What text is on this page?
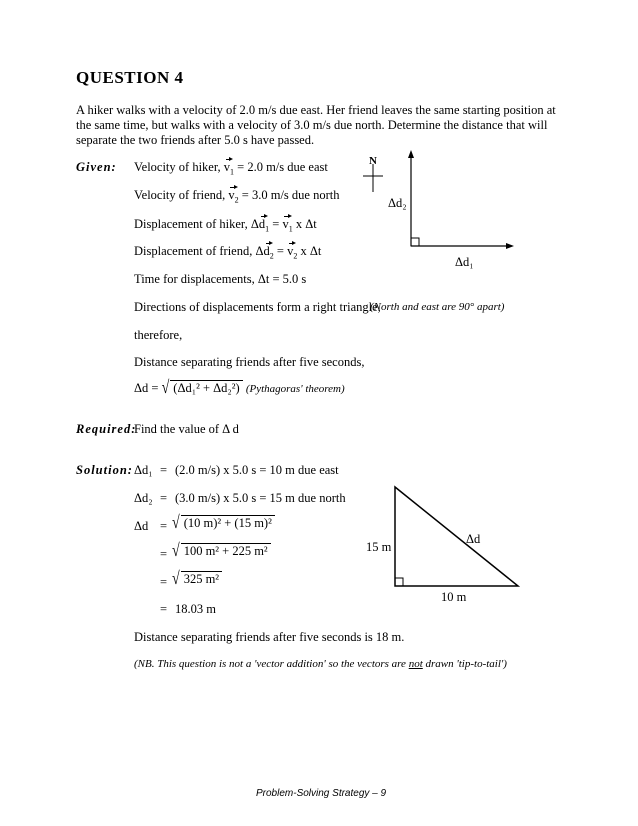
QUESTION 4

A hiker walks with a velocity of 2.0 m/s due east. Her friend leaves the same starting position at the same time, but walks with a velocity of 3.0 m/s due north. Determine the distance that will separate the two friends after 5.0 s have passed.

Given: Velocity of hiker, $v_1 = 2.0$ m/s due east
Velocity of friend, $v_2 = 3.0$ m/s due north
Displacement of hiker, $\Delta d_1 = v_1$ x Δt
Displacement of friend, $\Delta d_2 = v_2$ x Δt
Time for displacements, Δt = 5.0 s
Directions of displacements form a right triangle,
(North and east are 90° apart)
therefore,
Distance separating friends after five seconds,
Δd = √ (Δd₁² + Δd₂²) (Pythagoras' theorem)
N
Δd₂
Δd₁
Required:
Find the value of Δ d
Solution: Δd₁ = (2.0 m/s) x 5.0 s = 10 m due east
Δd₂ = (3.0 m/s) x 5.0 s = 15 m due north
Δd = √ (10 m)² + (15 m)²
= √ 100 m² + 225 m²
= √ 325 m²
= 18.03 m
Distance separating friends after five seconds is 18 m.
(NB. This question is not a 'vector addition' so the vectors are not drawn 'tip-to-tail')
15 m
10 m
Δd
Problem-Solving Strategy – 9
